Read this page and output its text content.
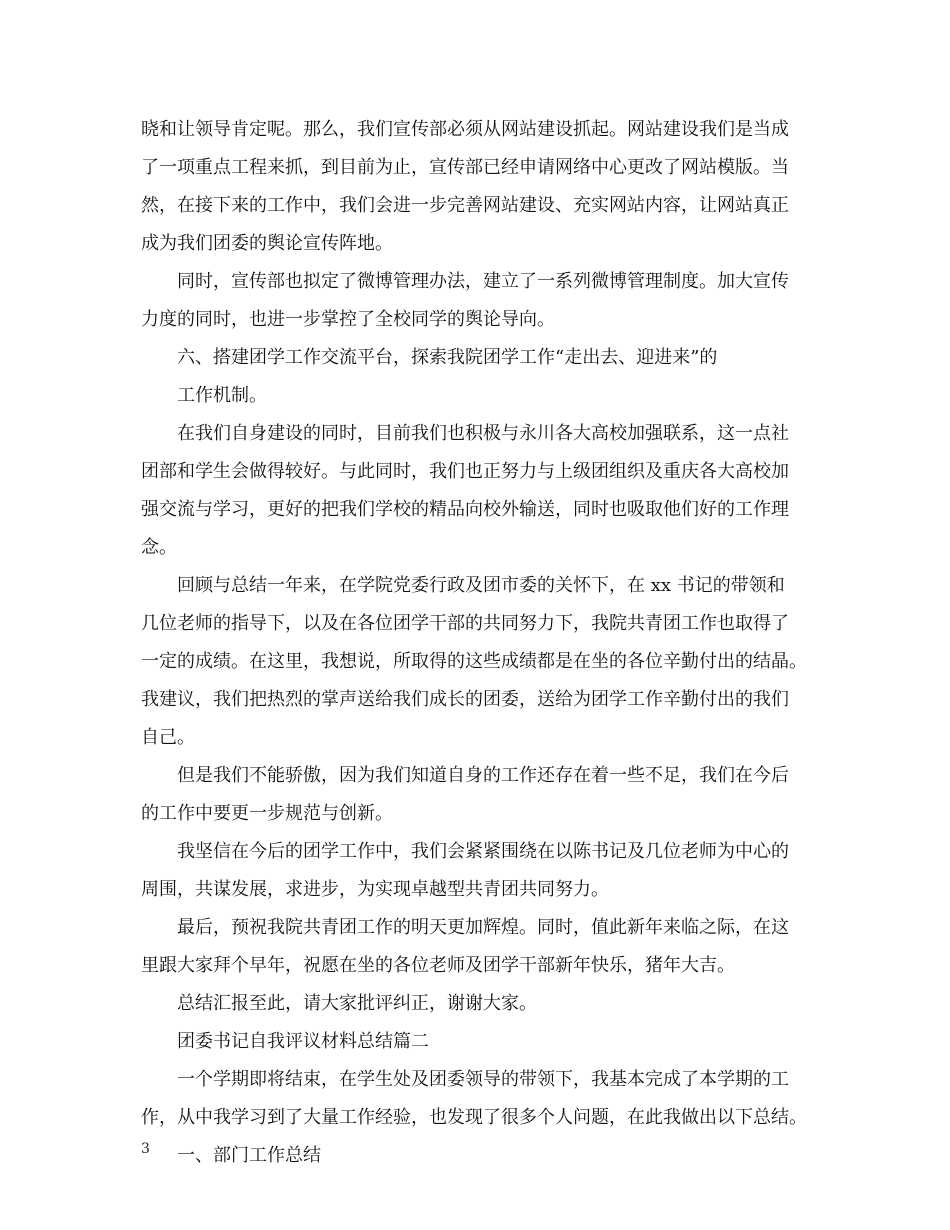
晓和让领导肯定呢。那么，我们宣传部必须从网站建设抓起。网站建设我们是当成
了一项重点工程来抓，到目前为止，宣传部已经申请网络中心更改了网站模版。当
然，在接下来的工作中，我们会进一步完善网站建设、充实网站内容，让网站真正
成为我们团委的舆论宣传阵地。
同时，宣传部也拟定了微博管理办法，建立了一系列微博管理制度。加大宣传
力度的同时，也进一步掌控了全校同学的舆论导向。
六、搭建团学工作交流平台，探索我院团学工作“走出去、迎进来”的
工作机制。
在我们自身建设的同时，目前我们也积极与永川各大高校加强联系，这一点社
团部和学生会做得较好。与此同时，我们也正努力与上级团组织及重庆各大高校加
强交流与学习，更好的把我们学校的精品向校外输送，同时也吸取他们好的工作理
念。
回顾与总结一年来，在学院党委行政及团市委的关怀下，在 xx 书记的带领和
几位老师的指导下，以及在各位团学干部的共同努力下，我院共青团工作也取得了
一定的成绩。在这里，我想说，所取得的这些成绩都是在坐的各位辛勤付出的结晶。
我建议，我们把热烈的掌声送给我们成长的团委，送给为团学工作辛勤付出的我们
自己。
但是我们不能骄傲，因为我们知道自身的工作还存在着一些不足，我们在今后
的工作中要更一步规范与创新。
我坚信在今后的团学工作中，我们会紧紧围绕在以陈书记及几位老师为中心的
周围，共谋发展，求进步，为实现卓越型共青团共同努力。
最后，预祝我院共青团工作的明天更加辉煌。同时，值此新年来临之际，在这
里跟大家拜个早年，祝愿在坐的各位老师及团学干部新年快乐，猪年大吉。
总结汇报至此，请大家批评纠正，谢谢大家。
团委书记自我评议材料总结篇二
一个学期即将结束，在学生处及团委领导的带领下，我基本完成了本学期的工
作，从中我学习到了大量工作经验，也发现了很多个人问题，在此我做出以下总结。
一、部门工作总结
3
